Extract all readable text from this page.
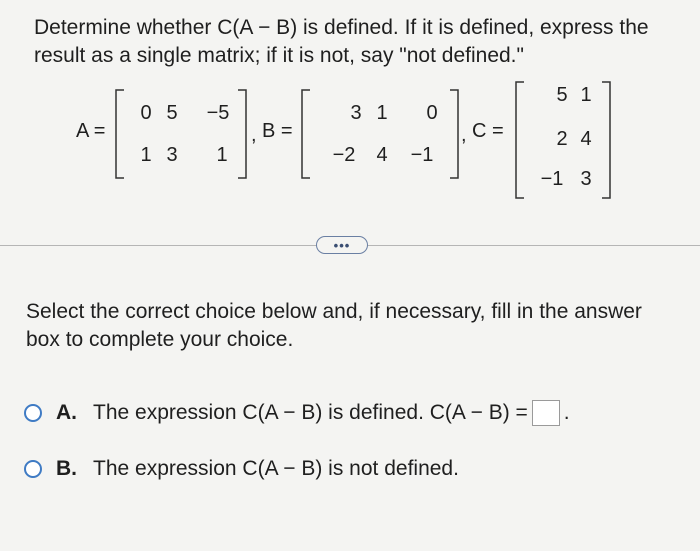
Determine whether C(A − B) is defined. If it is defined, express the result as a single matrix; if it is not, say "not defined."

A =
0 5	−5
1 3	1
, B =
3 1	0
−2	4	−1
, C =
5 1
2 4
−1 3
•••

Select the correct choice below and, if necessary, fill in the answer box to complete your choice.

A. The expression C(A − B) is defined. C(A − B) = .
B. The expression C(A − B) is not defined.
